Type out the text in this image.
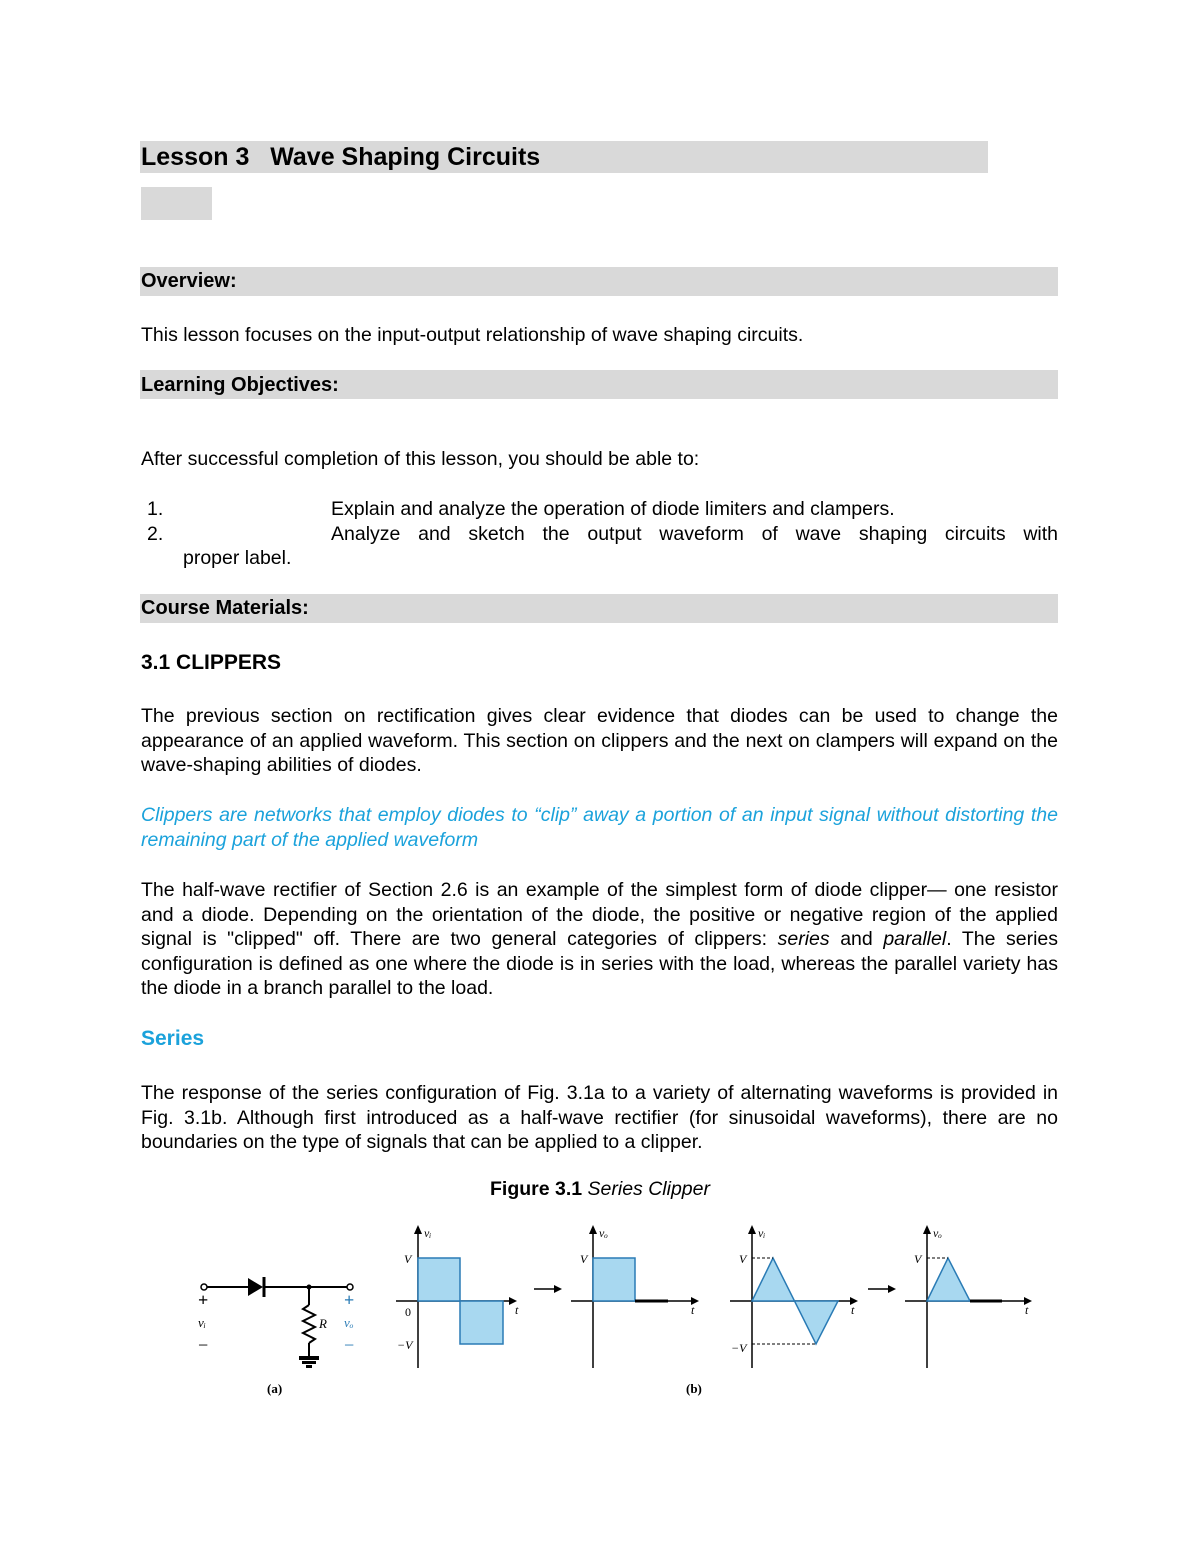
Lesson 3   Wave Shaping Circuits
Overview:
This lesson focuses on the input-output relationship of wave shaping circuits.
Learning Objectives:
After successful completion of this lesson, you should be able to:
1.	Explain and analyze the operation of diode limiters and clampers.
2.	Analyze and sketch the output waveform of wave shaping circuits with
proper label.
Course Materials:
3.1 CLIPPERS
The previous section on rectification gives clear evidence that diodes can be used to change the appearance of an applied waveform. This section on clippers and the next on clampers will expand on the wave-shaping abilities of diodes.
Clippers are networks that employ diodes to “clip” away a portion of an input signal without distorting the remaining part of the applied waveform
The half-wave rectifier of Section 2.6 is an example of the simplest form of diode clipper— one resistor and a diode. Depending on the orientation of the diode, the positive or negative region of the applied signal is "clipped" off. There are two general categories of clippers: series and parallel. The series configuration is defined as one where the diode is in series with the load, whereas the parallel variety has the diode in a branch parallel to the load.
Series
The response of the series configuration of Fig. 3.1a to a variety of alternating waveforms is provided in Fig. 3.1b. Although first introduced as a half-wave rectifier (for sinusoidal waveforms), there are no boundaries on the type of signals that can be applied to a clipper.
Figure 3.1 Series Clipper
+
vᵢ
−
+
vₒ
−
R
(a)
vᵢ
V
0
−V
t
vₒ
V
t
vᵢ
V
−V
t
vₒ
V
t
(b)
